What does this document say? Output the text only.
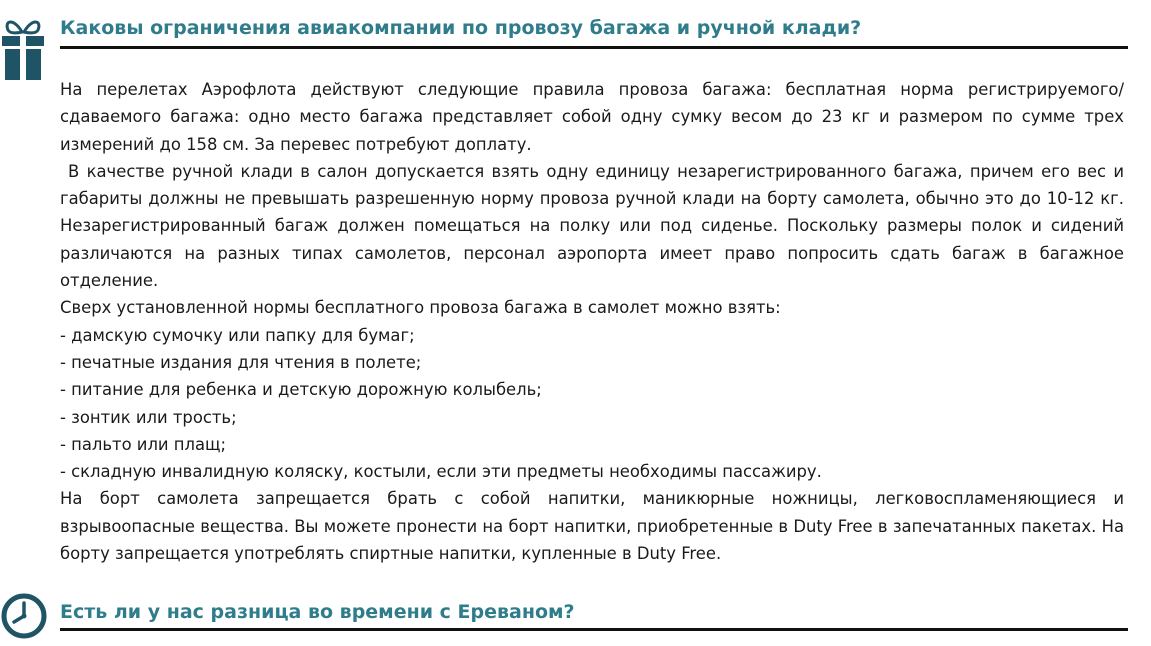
Каковы ограничения авиакомпании по провозу багажа и ручной клади?

На перелетах Аэрофлота действуют следующие правила провоза багажа: бесплатная норма регистрируемого/сдаваемого багажа: одно место багажа представляет собой одну сумку весом до 23 кг и размером по сумме трех измерений до 158 см. За перевес потребуют доплату.

В качестве ручной клади в салон допускается взять одну единицу незарегистрированного багажа, причем его вес и габариты должны не превышать разрешенную норму провоза ручной клади на борту самолета, обычно это до 10-12 кг. Незарегистрированный багаж должен помещаться на полку или под сиденье. Поскольку размеры полок и сидений различаются на разных типах самолетов, персонал аэропорта имеет право попросить сдать багаж в багажное отделение.

Сверх установленной нормы бесплатного провоза багажа в самолет можно взять:

- дамскую сумочку или папку для бумаг;
- печатные издания для чтения в полете;
- питание для ребенка и детскую дорожную колыбель;
- зонтик или трость;
- пальто или плащ;
- складную инвалидную коляску, костыли, если эти предметы необходимы пассажиру.

На борт самолета запрещается брать с собой напитки, маникюрные ножницы, легковоспламеняющиеся и взрывоопасные вещества. Вы можете пронести на борт напитки, приобретенные в Duty Free в запечатанных пакетах. На борту запрещается употреблять спиртные напитки, купленные в Duty Free.

Есть ли у нас разница во времени с Ереваном?
